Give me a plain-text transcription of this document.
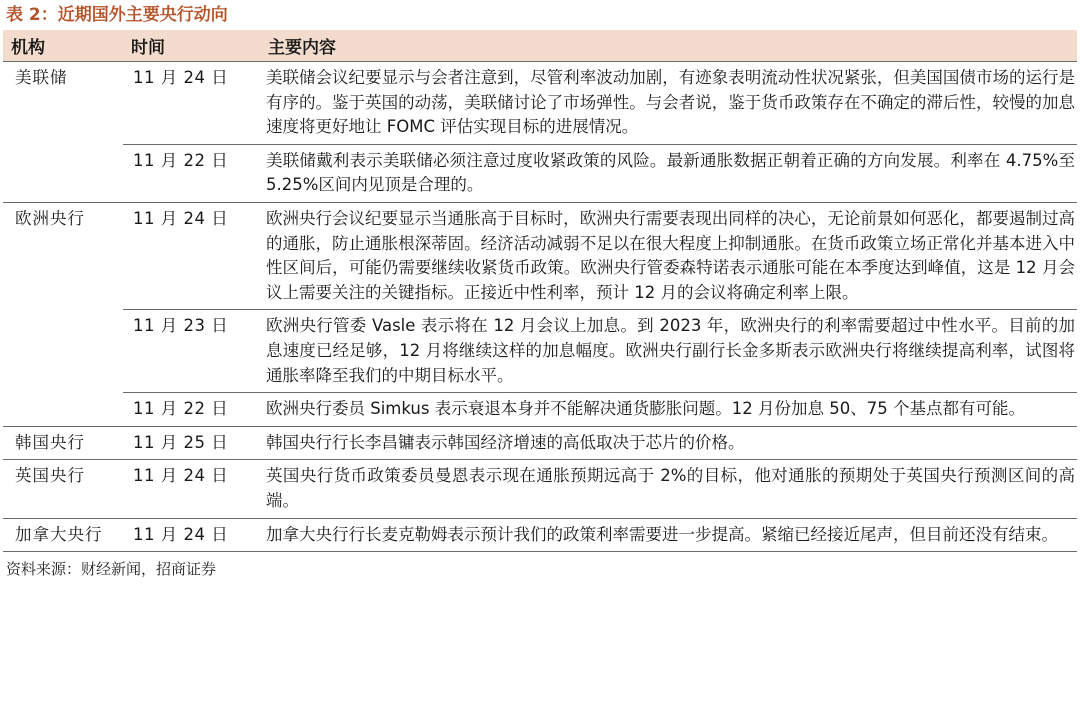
表 2：近期国外主要央行动向
机构	时间	主要内容
美联储	11 月 24 日	美联储会议纪要显示与会者注意到，尽管利率波动加剧，有迹象表明流动性状况紧张，但美国国债市场的运行是有序的。鉴于英国的动荡，美联储讨论了市场弹性。与会者说，鉴于货币政策存在不确定的滞后性，较慢的加息速度将更好地让 FOMC 评估实现目标的进展情况。
	11 月 22 日	美联储戴利表示美联储必须注意过度收紧政策的风险。最新通胀数据正朝着正确的方向发展。利率在 4.75%至 5.25%区间内见顶是合理的。
欧洲央行	11 月 24 日	欧洲央行会议纪要显示当通胀高于目标时，欧洲央行需要表现出同样的决心，无论前景如何恶化，都要遏制过高的通胀，防止通胀根深蒂固。经济活动减弱不足以在很大程度上抑制通胀。在货币政策立场正常化并基本进入中性区间后，可能仍需要继续收紧货币政策。欧洲央行管委森特诺表示通胀可能在本季度达到峰值，这是 12 月会议上需要关注的关键指标。正接近中性利率，预计 12 月的会议将确定利率上限。
	11 月 23 日	欧洲央行管委 Vasle 表示将在 12 月会议上加息。到 2023 年，欧洲央行的利率需要超过中性水平。目前的加息速度已经足够，12 月将继续这样的加息幅度。欧洲央行副行长金多斯表示欧洲央行将继续提高利率，试图将通胀率降至我们的中期目标水平。
	11 月 22 日	欧洲央行委员 Simkus 表示衰退本身并不能解决通货膨胀问题。12 月份加息 50、75 个基点都有可能。
韩国央行	11 月 25 日	韩国央行行长李昌镛表示韩国经济增速的高低取决于芯片的价格。
英国央行	11 月 24 日	英国央行货币政策委员曼恩表示现在通胀预期远高于 2%的目标，他对通胀的预期处于英国央行预测区间的高端。
加拿大央行	11 月 24 日	加拿大央行行长麦克勒姆表示预计我们的政策利率需要进一步提高。紧缩已经接近尾声，但目前还没有结束。
资料来源：财经新闻，招商证券
